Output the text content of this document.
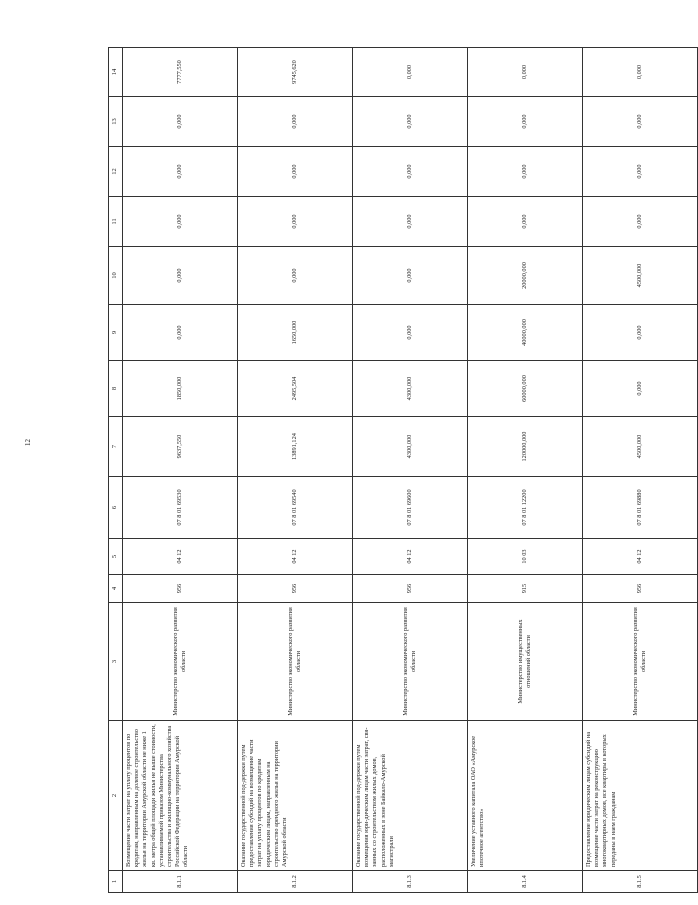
12
1	2	3	4	5	6	7	8	9	10	11	12	13	14
8.1.1	Возмещение части затрат на уплату процентов по кредитам, направленным на долевое строительство жилья на территории Амурской области не ниже 1 кв. метра общей площади жилья не выше стоимости, устанавливаемой приказом Министерства строительства и жилищно-коммунального хозяйства Российской Федерации на территории Амурской области	Министерство экономического развития области	956	04 12	07 8 01 69530	9637,550	1850,000	0,000	0,000	0,000	0,000	0,000	7777,550
8.1.2	Оказание государственной под-держки путем предоставления субсидий на возмещение части затрат на уплату процентов по кредитам юридическим лицам, направленным на строительство арендного жилья на территории Амурской области	Министерство экономического развития области	956	04 12	07 8 01 69540	13891,124	2495,504	1650,000	0,000	0,000	0,000	0,000	9745,620
8.1.3	Оказание государственной под-держки путем возмещения юри-дическим лицам части затрат, свя-занных со строительством жилых домов, расположенных в зоне Байкало-Амурской магистрали	Министерство экономического развития области	956	04 12	07 8 01 69600	4300,000	4300,000	0,000	0,000	0,000	0,000	0,000	0,000
8.1.4	Увеличение уставного капитала ОАО «Амурское ипотечное агентство»	Министерство имущественных отношений области	915	10 03	07 8 01 12200	120000,000	60000,000	40000,000	20000,000	0,000	0,000	0,000	0,000
8.1.5	Предоставление юридическим лицам субсидий на возмещение части затрат на реконструкцию многоквартирных домов, все квартиры в которых переданы в наем гражданам	Министерство экономического развития области	956	04 12	07 8 01 69880	4500,000	0,000	0,000	4500,000	0,000	0,000	0,000	0,000
